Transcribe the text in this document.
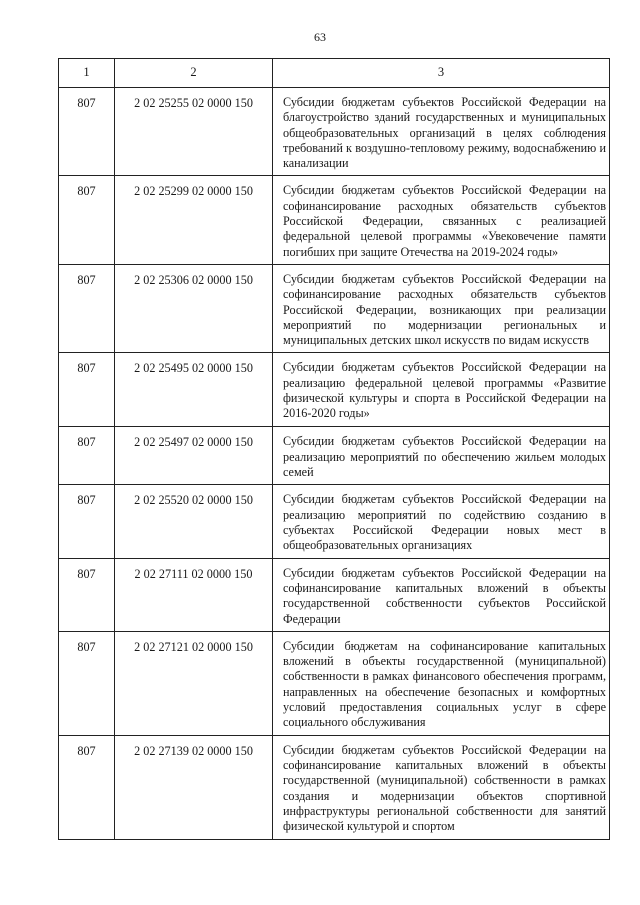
63
1	2	3
807	2 02 25255 02 0000 150	Субсидии бюджетам субъектов Российской Федерации на благоустройство зданий государственных и муниципальных общеобразовательных организаций в целях соблюдения требований к воздушно-тепловому режиму, водоснабжению и канализации
807	2 02 25299 02 0000 150	Субсидии бюджетам субъектов Российской Федерации на софинансирование расходных обязательств субъектов Российской Федерации, связанных с реализацией федеральной целевой программы «Увековечение памяти погибших при защите Отечества на 2019-2024 годы»
807	2 02 25306 02 0000 150	Субсидии бюджетам субъектов Российской Федерации на софинансирование расходных обязательств субъектов Российской Федерации, возникающих при реализации мероприятий по модернизации региональных и муниципальных детских школ искусств по видам искусств
807	2 02 25495 02 0000 150	Субсидии бюджетам субъектов Российской Федерации на реализацию федеральной целевой программы «Развитие физической культуры и спорта в Российской Федерации на 2016-2020 годы»
807	2 02 25497 02 0000 150	Субсидии бюджетам субъектов Российской Федерации на реализацию мероприятий по обеспечению жильем молодых семей
807	2 02 25520 02 0000 150	Субсидии бюджетам субъектов Российской Федерации на реализацию мероприятий по содействию созданию в субъектах Российской Федерации новых мест в общеобразовательных организациях
807	2 02 27111 02 0000 150	Субсидии бюджетам субъектов Российской Федерации на софинансирование капитальных вложений в объекты государственной собственности субъектов Российской Федерации
807	2 02 27121 02 0000 150	Субсидии бюджетам на софинансирование капитальных вложений в объекты государственной (муниципальной) собственности в рамках финансового обеспечения программ, направленных на обеспечение безопасных и комфортных условий предоставления социальных услуг в сфере социального обслуживания
807	2 02 27139 02 0000 150	Субсидии бюджетам субъектов Российской Федерации на софинансирование капитальных вложений в объекты государственной (муниципальной) собственности в рамках создания и модернизации объектов спортивной инфраструктуры региональной собственности для занятий физической культурой и спортом
